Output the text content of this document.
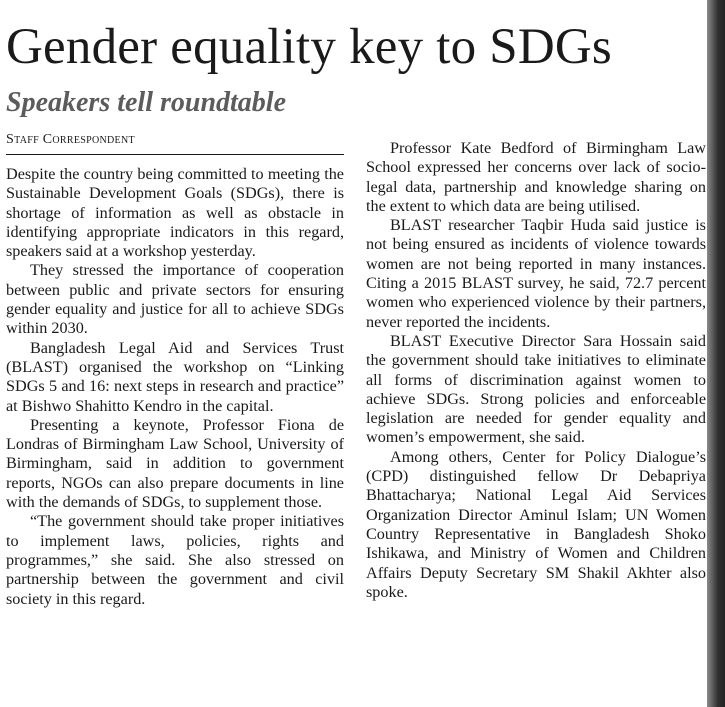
Gender equality key to SDGs
Speakers tell roundtable
Staff Correspondent

Despite the country being committed to meeting the Sustainable Development Goals (SDGs), there is shortage of information as well as obstacle in identifying appropriate indicators in this regard, speakers said at a workshop yesterday.

They stressed the importance of cooperation between public and private sectors for ensuring gender equality and justice for all to achieve SDGs within 2030.

Bangladesh Legal Aid and Services Trust (BLAST) organised the workshop on “Linking SDGs 5 and 16: next steps in research and practice” at Bishwo Shahitto Kendro in the capital.

Presenting a keynote, Professor Fiona de Londras of Birmingham Law School, University of Birmingham, said in addition to government reports, NGOs can also prepare documents in line with the demands of SDGs, to supplement those.

“The government should take proper initiatives to implement laws, policies, rights and programmes,” she said. She also stressed on partnership between the government and civil society in this regard.

Professor Kate Bedford of Birmingham Law School expressed her concerns over lack of socio-legal data, partnership and knowledge sharing on the extent to which data are being utilised.

BLAST researcher Taqbir Huda said justice is not being ensured as incidents of violence towards women are not being reported in many instances. Citing a 2015 BLAST survey, he said, 72.7 percent women who experienced violence by their partners, never reported the incidents.

BLAST Executive Director Sara Hossain said the government should take initiatives to eliminate all forms of discrimination against women to achieve SDGs. Strong policies and enforceable legislation are needed for gender equality and women’s empowerment, she said.

Among others, Center for Policy Dialogue’s (CPD) distinguished fellow Dr Debapriya Bhattacharya; National Legal Aid Services Organization Director Aminul Islam; UN Women Country Representative in Bangladesh Shoko Ishikawa, and Ministry of Women and Children Affairs Deputy Secretary SM Shakil Akhter also spoke.
